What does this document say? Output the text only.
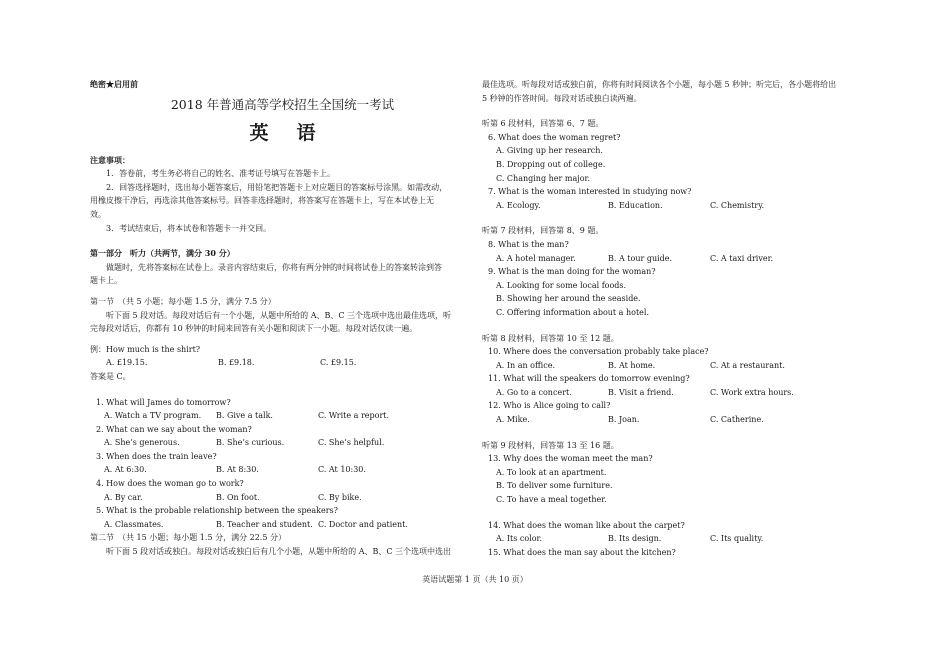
绝密★启用前
2018 年普通高等学校招生全国统一考试
英语
注意事项：
1．答卷前，考生务必将自己的姓名、准考证号填写在答题卡上。
2．回答选择题时，选出每小题答案后，用铅笔把答题卡上对应题目的答案标号涂黑。如需改动，
用橡皮擦干净后，再选涂其他答案标号。回答非选择题时，将答案写在答题卡上，写在本试卷上无
效。
3．考试结束后，将本试卷和答题卡一并交回。
第一部分　听力（共两节，满分 30 分）
做题时，先将答案标在试卷上。录音内容结束后，你将有两分钟的时间将试卷上的答案转涂到答
题卡上。
第一节　（共 5 小题；每小题 1.5 分，满分 7.5 分）
听下面 5 段对话。每段对话后有一个小题，从题中所给的 A、B、C 三个选项中选出最佳选项，听
完每段对话后，你都有 10 秒钟的时间来回答有关小题和阅读下一小题。每段对话仅读一遍。
例：How much is the shirt?
A. £19.15.	B. £9.18.	C. £9.15.
答案是 C。
1. What will James do tomorrow?
A. Watch a TV program.	B. Give a talk.	C. Write a report.
2. What can we say about the woman?
A. She’s generous.	B. She’s curious.	C. She’s helpful.
3. When does the train leave?
A. At 6:30.	B. At 8:30.	C. At 10:30.
4. How does the woman go to work?
A. By car.	B. On foot.	C. By bike.
5. What is the probable relationship between the speakers?
A. Classmates.	B. Teacher and student. C. Doctor and patient.
第二节　（共 15 小题；每小题 1.5 分，满分 22.5 分）
听下面 5 段对话或独白。每段对话或独白后有几个小题，从题中所给的 A、B、C 三个选项中选出
最佳选项。听每段对话或独白前，你将有时间阅读各个小题，每小题 5 秒钟；听完后，各小题将给出
5 秒钟的作答时间。每段对话或独白读两遍。
听第 6 段材料，回答第 6、7 题。
6. What does the woman regret?
A. Giving up her research.
B. Dropping out of college.
C. Changing her major.
7. What is the woman interested in studying now?
A. Ecology.	B. Education.	C. Chemistry.
听第 7 段材料，回答第 8、9 题。
8. What is the man?
A. A hotel manager.	B. A tour guide.	C. A taxi driver.
9. What is the man doing for the woman?
A. Looking for some local foods.
B. Showing her around the seaside.
C. Offering information about a hotel.
听第 8 段材料，回答第 10 至 12 题。
10. Where does the conversation probably take place?
A. In an office.	B. At home.	C. At a restaurant.
11. What will the speakers do tomorrow evening?
A. Go to a concert.	B. Visit a friend.	C. Work extra hours.
12. Who is Alice going to call?
A. Mike.	B. Joan.	C. Catherine.
听第 9 段材料，回答第 13 至 16 题。
13. Why does the woman meet the man?
A. To look at an apartment.
B. To deliver some furniture.
C. To have a meal together.
14. What does the woman like about the carpet?
A. Its color.	B. Its design.	C. Its quality.
15. What does the man say about the kitchen?
英语试题第 1 页（共 10 页）
